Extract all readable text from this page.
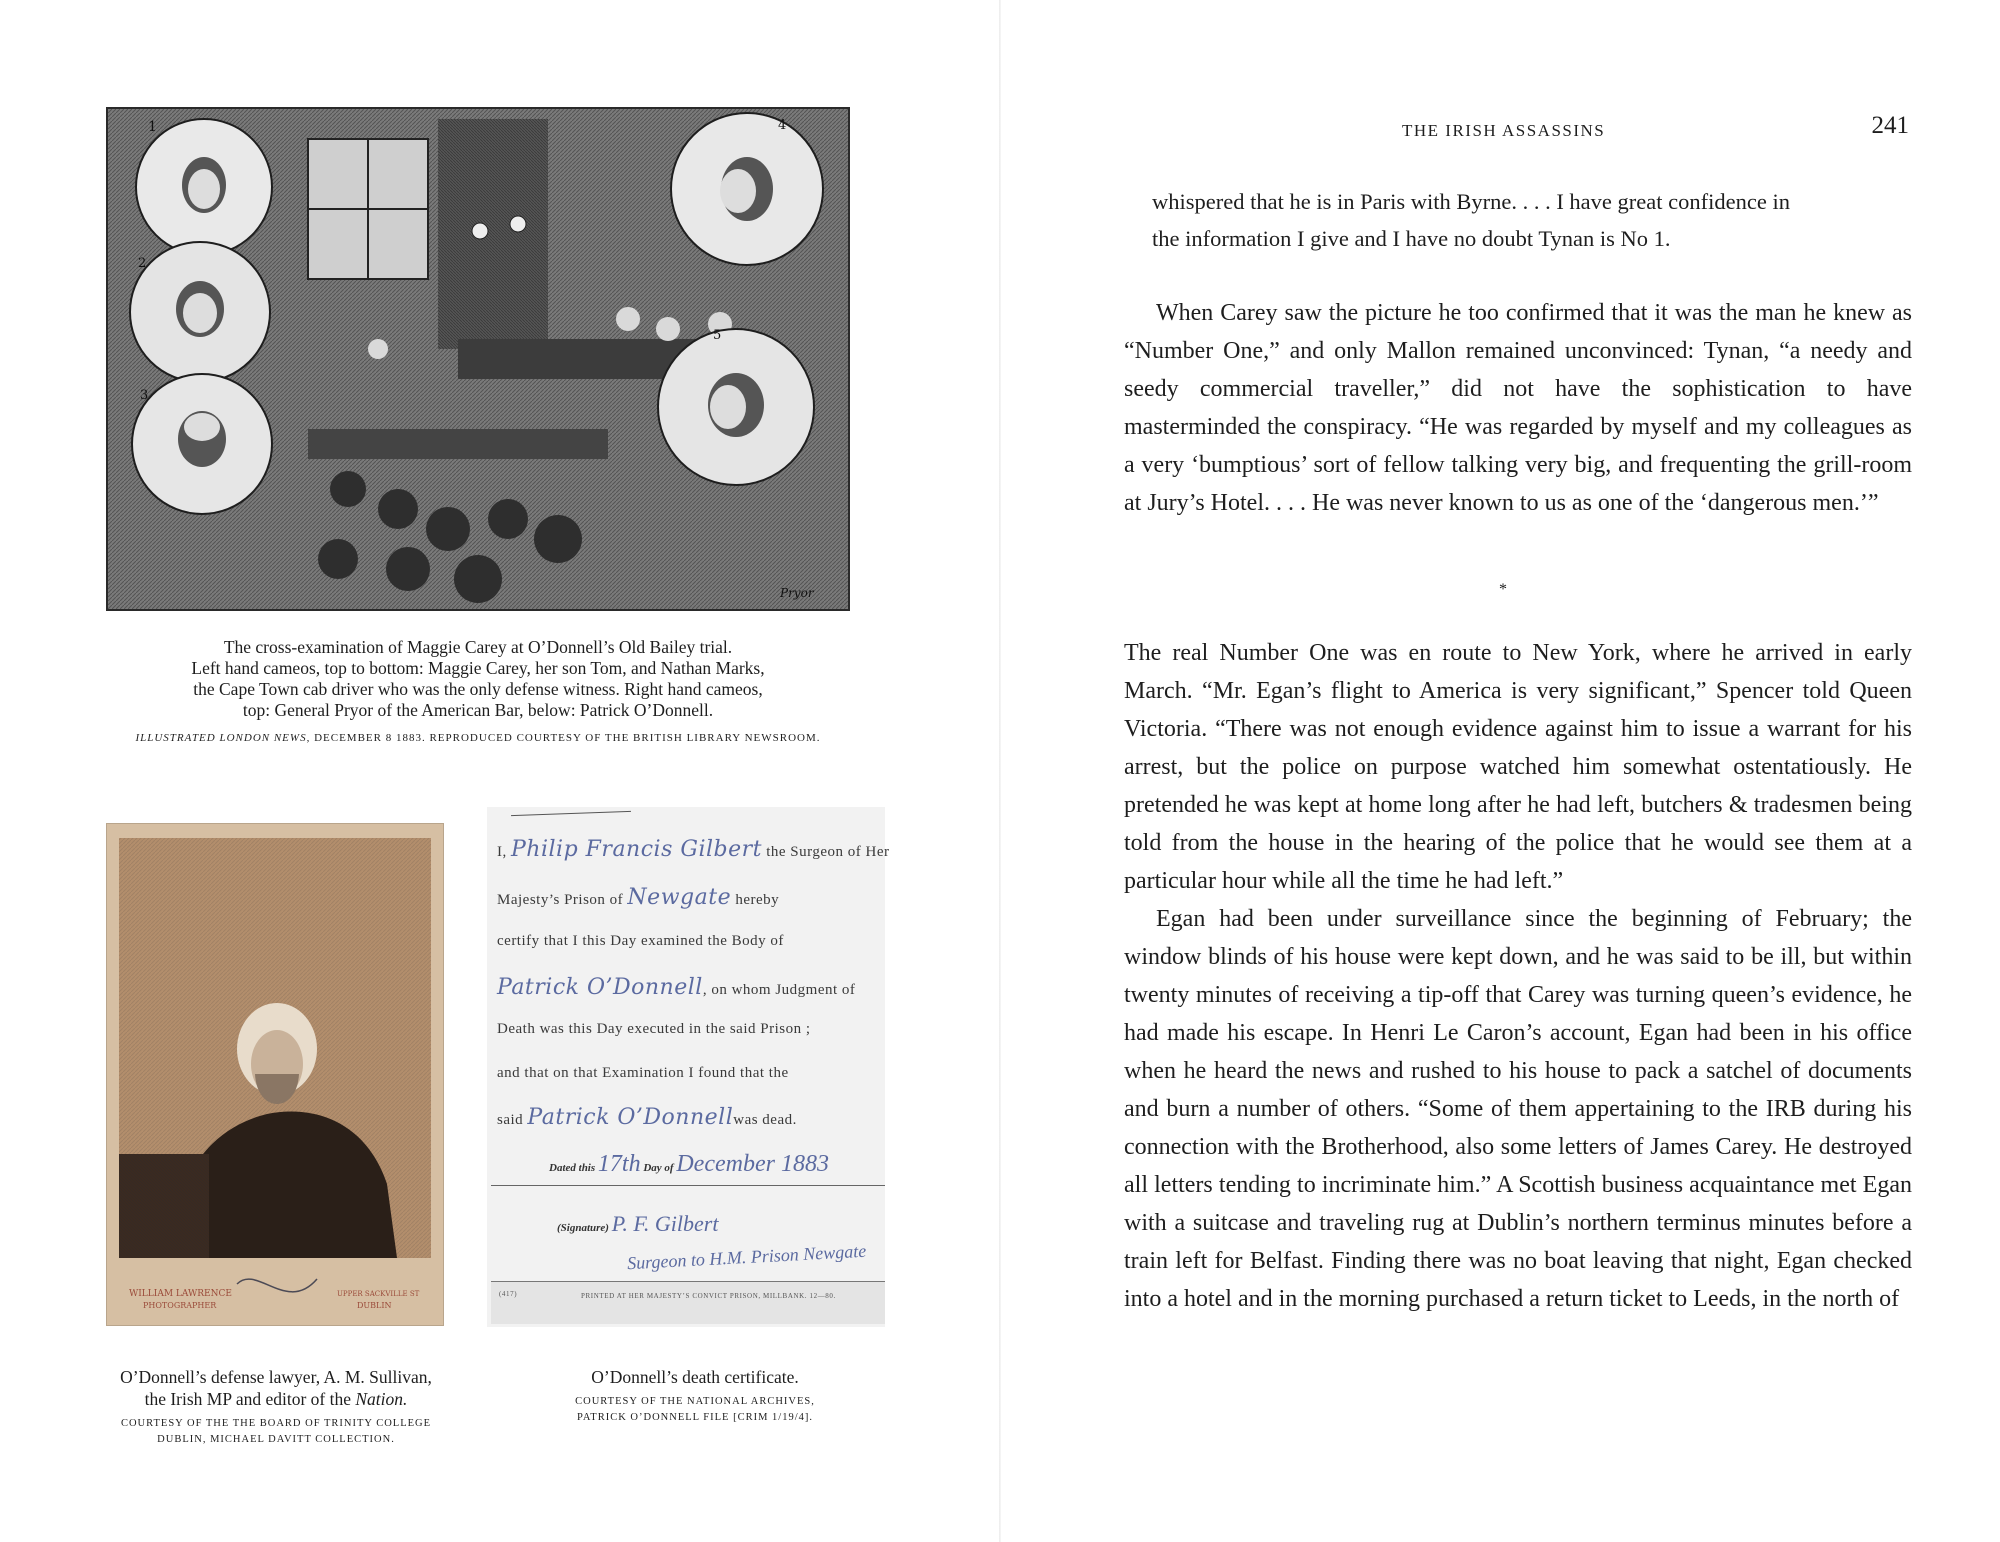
1
2
3
4
5
Pryor

The cross-examination of Maggie Carey at O’Donnell’s Old Bailey trial.

Left hand cameos, top to bottom: Maggie Carey, her son Tom, and Nathan Marks,

the Cape Town cab driver who was the only defense witness. Right hand cameos,

top: General Pryor of the American Bar, below: Patrick O’Donnell.

ILLUSTRATED LONDON NEWS, DECEMBER 8 1883. REPRODUCED COURTESY OF THE BRITISH LIBRARY NEWSROOM.

WILLIAM LAWRENCE
PHOTOGRAPHER
UPPER SACKVILLE ST
DUBLIN

O’Donnell’s defense lawyer, A. M. Sullivan,

the Irish MP and editor of the Nation.

COURTESY OF THE THE BOARD OF TRINITY COLLEGE

DUBLIN, MICHAEL DAVITT COLLECTION.

I, Philip Francis Gilbert the Surgeon of Her
Majesty’s Prison of Newgate hereby
certify that I this Day examined the Body of
Patrick O’Donnell, on whom Judgment of
Death was this Day executed in the said Prison ;
and that on that Examination I found that the
said Patrick O’Donnellwas dead.
Dated this 17th Day of December 1883
(Signature) P. F. Gilbert
Surgeon to H.M. Prison Newgate
(417)	PRINTED AT HER MAJESTY’S CONVICT PRISON, MILLBANK. 12—80.

O’Donnell’s death certificate.

COURTESY OF THE NATIONAL ARCHIVES,

PATRICK O’DONNELL FILE [CRIM 1/19/4].

THE IRISH ASSASSINS	241

whispered that he is in Paris with Byrne. . . . I have great confidence in

the information I give and I have no doubt Tynan is No 1.

When Carey saw the picture he too confirmed that it was the man he knew as “Number One,” and only Mallon remained unconvinced: Tynan, “a needy and seedy commercial traveller,” did not have the sophistication to have masterminded the conspiracy. “He was regarded by myself and my colleagues as a very ‘bumptious’ sort of fellow talking very big, and frequenting the grill-room at Jury’s Hotel. . . . He was never known to us as one of the ‘dangerous men.’”

*

The real Number One was en route to New York, where he arrived in early March. “Mr. Egan’s flight to America is very significant,” Spencer told Queen Victoria. “There was not enough evidence against him to issue a warrant for his arrest, but the police on purpose watched him somewhat ostentatiously. He pretended he was kept at home long after he had left, butchers & tradesmen being told from the house in the hearing of the police that he would see them at a particular hour while all the time he had left.”

Egan had been under surveillance since the beginning of February; the window blinds of his house were kept down, and he was said to be ill, but within twenty minutes of receiving a tip-off that Carey was turning queen’s evidence, he had made his escape. In Henri Le Caron’s account, Egan had been in his office when he heard the news and rushed to his house to pack a satchel of documents and burn a number of others. “Some of them appertaining to the IRB during his connection with the Brotherhood, also some letters of James Carey. He destroyed all letters tending to incriminate him.” A Scottish business acquaintance met Egan with a suitcase and traveling rug at Dublin’s northern terminus minutes before a train left for Belfast. Finding there was no boat leaving that night, Egan checked into a hotel and in the morning purchased a return ticket to Leeds, in the north of
